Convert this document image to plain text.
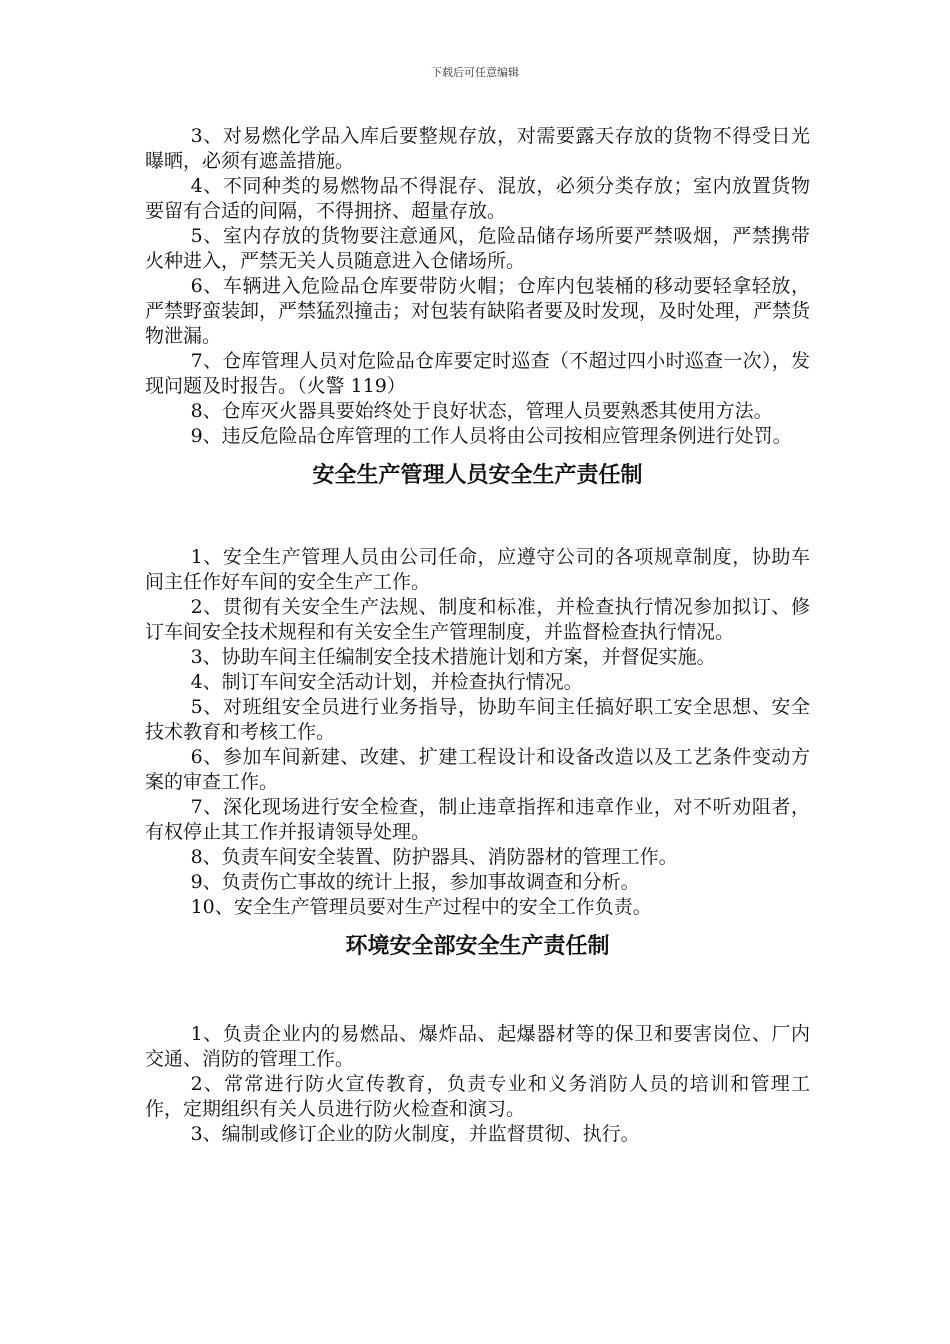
下载后可任意编辑

3、对易燃化学品入库后要整规存放，对需要露天存放的货物不得受日光曝晒，必须有遮盖措施。

4、不同种类的易燃物品不得混存、混放，必须分类存放；室内放置货物要留有合适的间隔，不得拥挤、超量存放。

5、室内存放的货物要注意通风，危险品储存场所要严禁吸烟，严禁携带火种进入，严禁无关人员随意进入仓储场所。

6、车辆进入危险品仓库要带防火帽；仓库内包装桶的移动要轻拿轻放，严禁野蛮装卸，严禁猛烈撞击；对包装有缺陷者要及时发现，及时处理，严禁货物泄漏。

7、仓库管理人员对危险品仓库要定时巡查（不超过四小时巡查一次），发现问题及时报告。（火警 119）

8、仓库灭火器具要始终处于良好状态，管理人员要熟悉其使用方法。

9、违反危险品仓库管理的工作人员将由公司按相应管理条例进行处罚。

安全生产管理人员安全生产责任制

1、安全生产管理人员由公司任命，应遵守公司的各项规章制度，协助车间主任作好车间的安全生产工作。

2、贯彻有关安全生产法规、制度和标准，并检查执行情况参加拟订、修订车间安全技术规程和有关安全生产管理制度，并监督检查执行情况。

3、协助车间主任编制安全技术措施计划和方案，并督促实施。

4、制订车间安全活动计划，并检查执行情况。

5、对班组安全员进行业务指导，协助车间主任搞好职工安全思想、安全技术教育和考核工作。

6、参加车间新建、改建、扩建工程设计和设备改造以及工艺条件变动方案的审查工作。

7、深化现场进行安全检查，制止违章指挥和违章作业，对不听劝阻者，有权停止其工作并报请领导处理。

8、负责车间安全装置、防护器具、消防器材的管理工作。

9、负责伤亡事故的统计上报，参加事故调查和分析。

10、安全生产管理员要对生产过程中的安全工作负责。

环境安全部安全生产责任制

1、负责企业内的易燃品、爆炸品、起爆器材等的保卫和要害岗位、厂内交通、消防的管理工作。

2、常常进行防火宣传教育，负责专业和义务消防人员的培训和管理工作，定期组织有关人员进行防火检查和演习。

3、编制或修订企业的防火制度，并监督贯彻、执行。
